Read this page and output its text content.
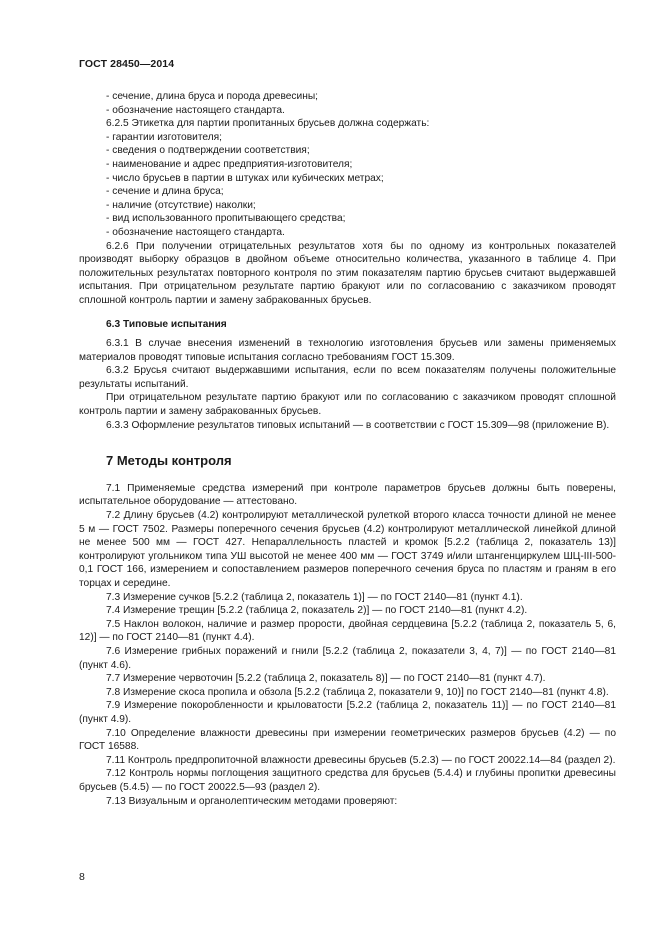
ГОСТ 28450—2014

- сечение, длина бруса и порода древесины;

- обозначение настоящего стандарта.

6.2.5 Этикетка для партии пропитанных брусьев должна содержать:

- гарантии изготовителя;

- сведения о подтверждении соответствия;

- наименование и адрес предприятия-изготовителя;

- число брусьев в партии в штуках или кубических метрах;

- сечение и длина бруса;

- наличие (отсутствие) наколки;

- вид использованного пропитывающего средства;

- обозначение настоящего стандарта.

6.2.6 При получении отрицательных результатов хотя бы по одному из контрольных показателей производят выборку образцов в двойном объеме относительно количества, указанного в таблице 4. При положительных результатах повторного контроля по этим показателям партию брусьев считают выдержавшей испытания. При отрицательном результате партию бракуют или по согласованию с заказчиком проводят сплошной контроль партии и замену забракованных брусьев.

6.3 Типовые испытания

6.3.1 В случае внесения изменений в технологию изготовления брусьев или замены применяемых материалов проводят типовые испытания согласно требованиям ГОСТ 15.309.

6.3.2 Брусья считают выдержавшими испытания, если по всем показателям получены положительные результаты испытаний.

При отрицательном результате партию бракуют или по согласованию с заказчиком проводят сплошной контроль партии и замену забракованных брусьев.

6.3.3 Оформление результатов типовых испытаний — в соответствии с ГОСТ 15.309—98 (приложение В).

7 Методы контроля

7.1 Применяемые средства измерений при контроле параметров брусьев должны быть поверены, испытательное оборудование — аттестовано.

7.2 Длину брусьев (4.2) контролируют металлической рулеткой второго класса точности длиной не менее 5 м — ГОСТ 7502. Размеры поперечного сечения брусьев (4.2) контролируют металлической линейкой длиной не менее 500 мм — ГОСТ 427. Непараллельность пластей и кромок [5.2.2 (таблица 2, показатель 13)] контролируют угольником типа УШ высотой не менее 400 мм — ГОСТ 3749 и/или штангенциркулем ШЦ-III-500-0,1 ГОСТ 166, измерением и сопоставлением размеров поперечного сечения бруса по пластям и граням в его торцах и середине.

7.3 Измерение сучков [5.2.2 (таблица 2, показатель 1)] — по ГОСТ 2140—81 (пункт 4.1).

7.4 Измерение трещин [5.2.2 (таблица 2, показатель 2)] — по ГОСТ 2140—81 (пункт 4.2).

7.5 Наклон волокон, наличие и размер прорости, двойная сердцевина [5.2.2 (таблица 2, показатель 5, 6, 12)] — по ГОСТ 2140—81 (пункт 4.4).

7.6 Измерение грибных поражений и гнили [5.2.2 (таблица 2, показатели 3, 4, 7)] — по ГОСТ 2140—81 (пункт 4.6).

7.7 Измерение червоточин [5.2.2 (таблица 2, показатель 8)] — по ГОСТ 2140—81 (пункт 4.7).

7.8 Измерение скоса пропила и обзола [5.2.2 (таблица 2, показатели 9, 10)] по ГОСТ 2140—81 (пункт 4.8).

7.9 Измерение покоробленности и крыловатости [5.2.2 (таблица 2, показатель 11)] — по ГОСТ 2140—81 (пункт 4.9).

7.10 Определение влажности древесины при измерении геометрических размеров брусьев (4.2) — по ГОСТ 16588.

7.11 Контроль предпропиточной влажности древесины брусьев (5.2.3) — по ГОСТ 20022.14—84 (раздел 2).

7.12 Контроль нормы поглощения защитного средства для брусьев (5.4.4) и глубины пропитки древесины брусьев (5.4.5) — по ГОСТ 20022.5—93 (раздел 2).

7.13 Визуальным и органолептическим методами проверяют:

8
